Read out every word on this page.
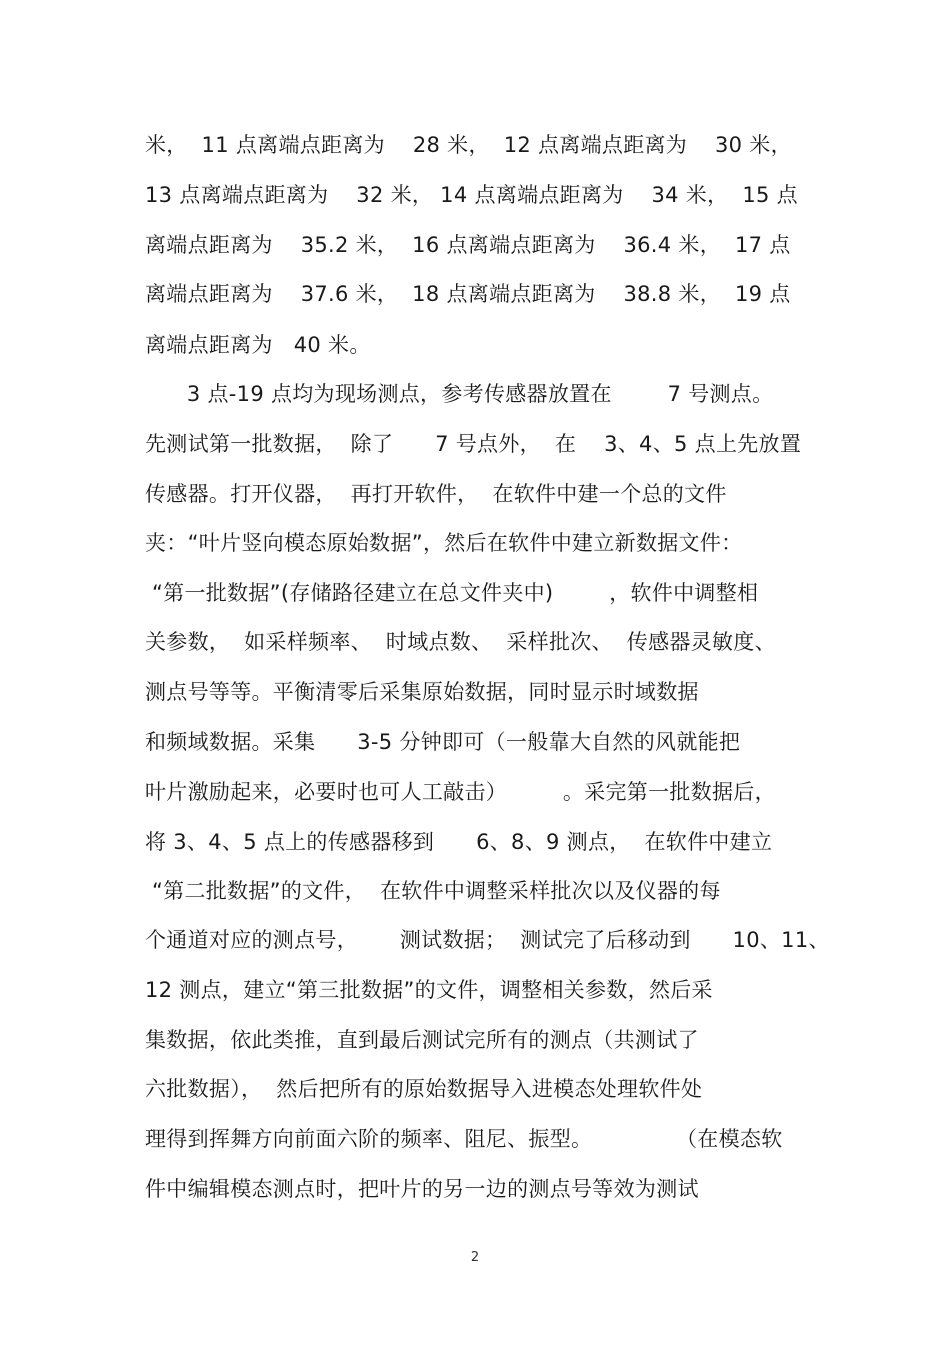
米，  11 点离端点距离为    28 米，  12 点离端点距离为    30 米，
13 点离端点距离为    32 米， 14 点离端点距离为    34 米，  15 点
离端点距离为    35.2 米，  16 点离端点距离为    36.4 米，  17 点
离端点距离为    37.6 米，  18 点离端点距离为    38.8 米，  19 点
离端点距离为   40 米。
3 点-19 点均为现场测点，参考传感器放置在        7 号测点。
先测试第一批数据，  除了      7 号点外，  在    3、4、5 点上先放置
传感器。打开仪器，  再打开软件，  在软件中建一个总的文件
夹：“叶片竖向模态原始数据”，然后在软件中建立新数据文件：
“第一批数据”(存储路径建立在总文件夹中)        ，软件中调整相
关参数，  如采样频率、  时域点数、  采样批次、  传感器灵敏度、
测点号等等。平衡清零后采集原始数据，同时显示时域数据
和频域数据。采集      3-5 分钟即可（一般靠大自然的风就能把
叶片激励起来，必要时也可人工敲击）        。采完第一批数据后，
将 3、4、5 点上的传感器移到      6、8、9 测点，  在软件中建立
“第二批数据”的文件，  在软件中调整采样批次以及仪器的每
个通道对应的测点号，      测试数据；  测试完了后移动到      10、11、
12 测点，建立“第三批数据”的文件，调整相关参数，然后采
集数据，依此类推，直到最后测试完所有的测点（共测试了
六批数据），  然后把所有的原始数据导入进模态处理软件处
理得到挥舞方向前面六阶的频率、阻尼、振型。            （在模态软
件中编辑模态测点时，把叶片的另一边的测点号等效为测试
2
